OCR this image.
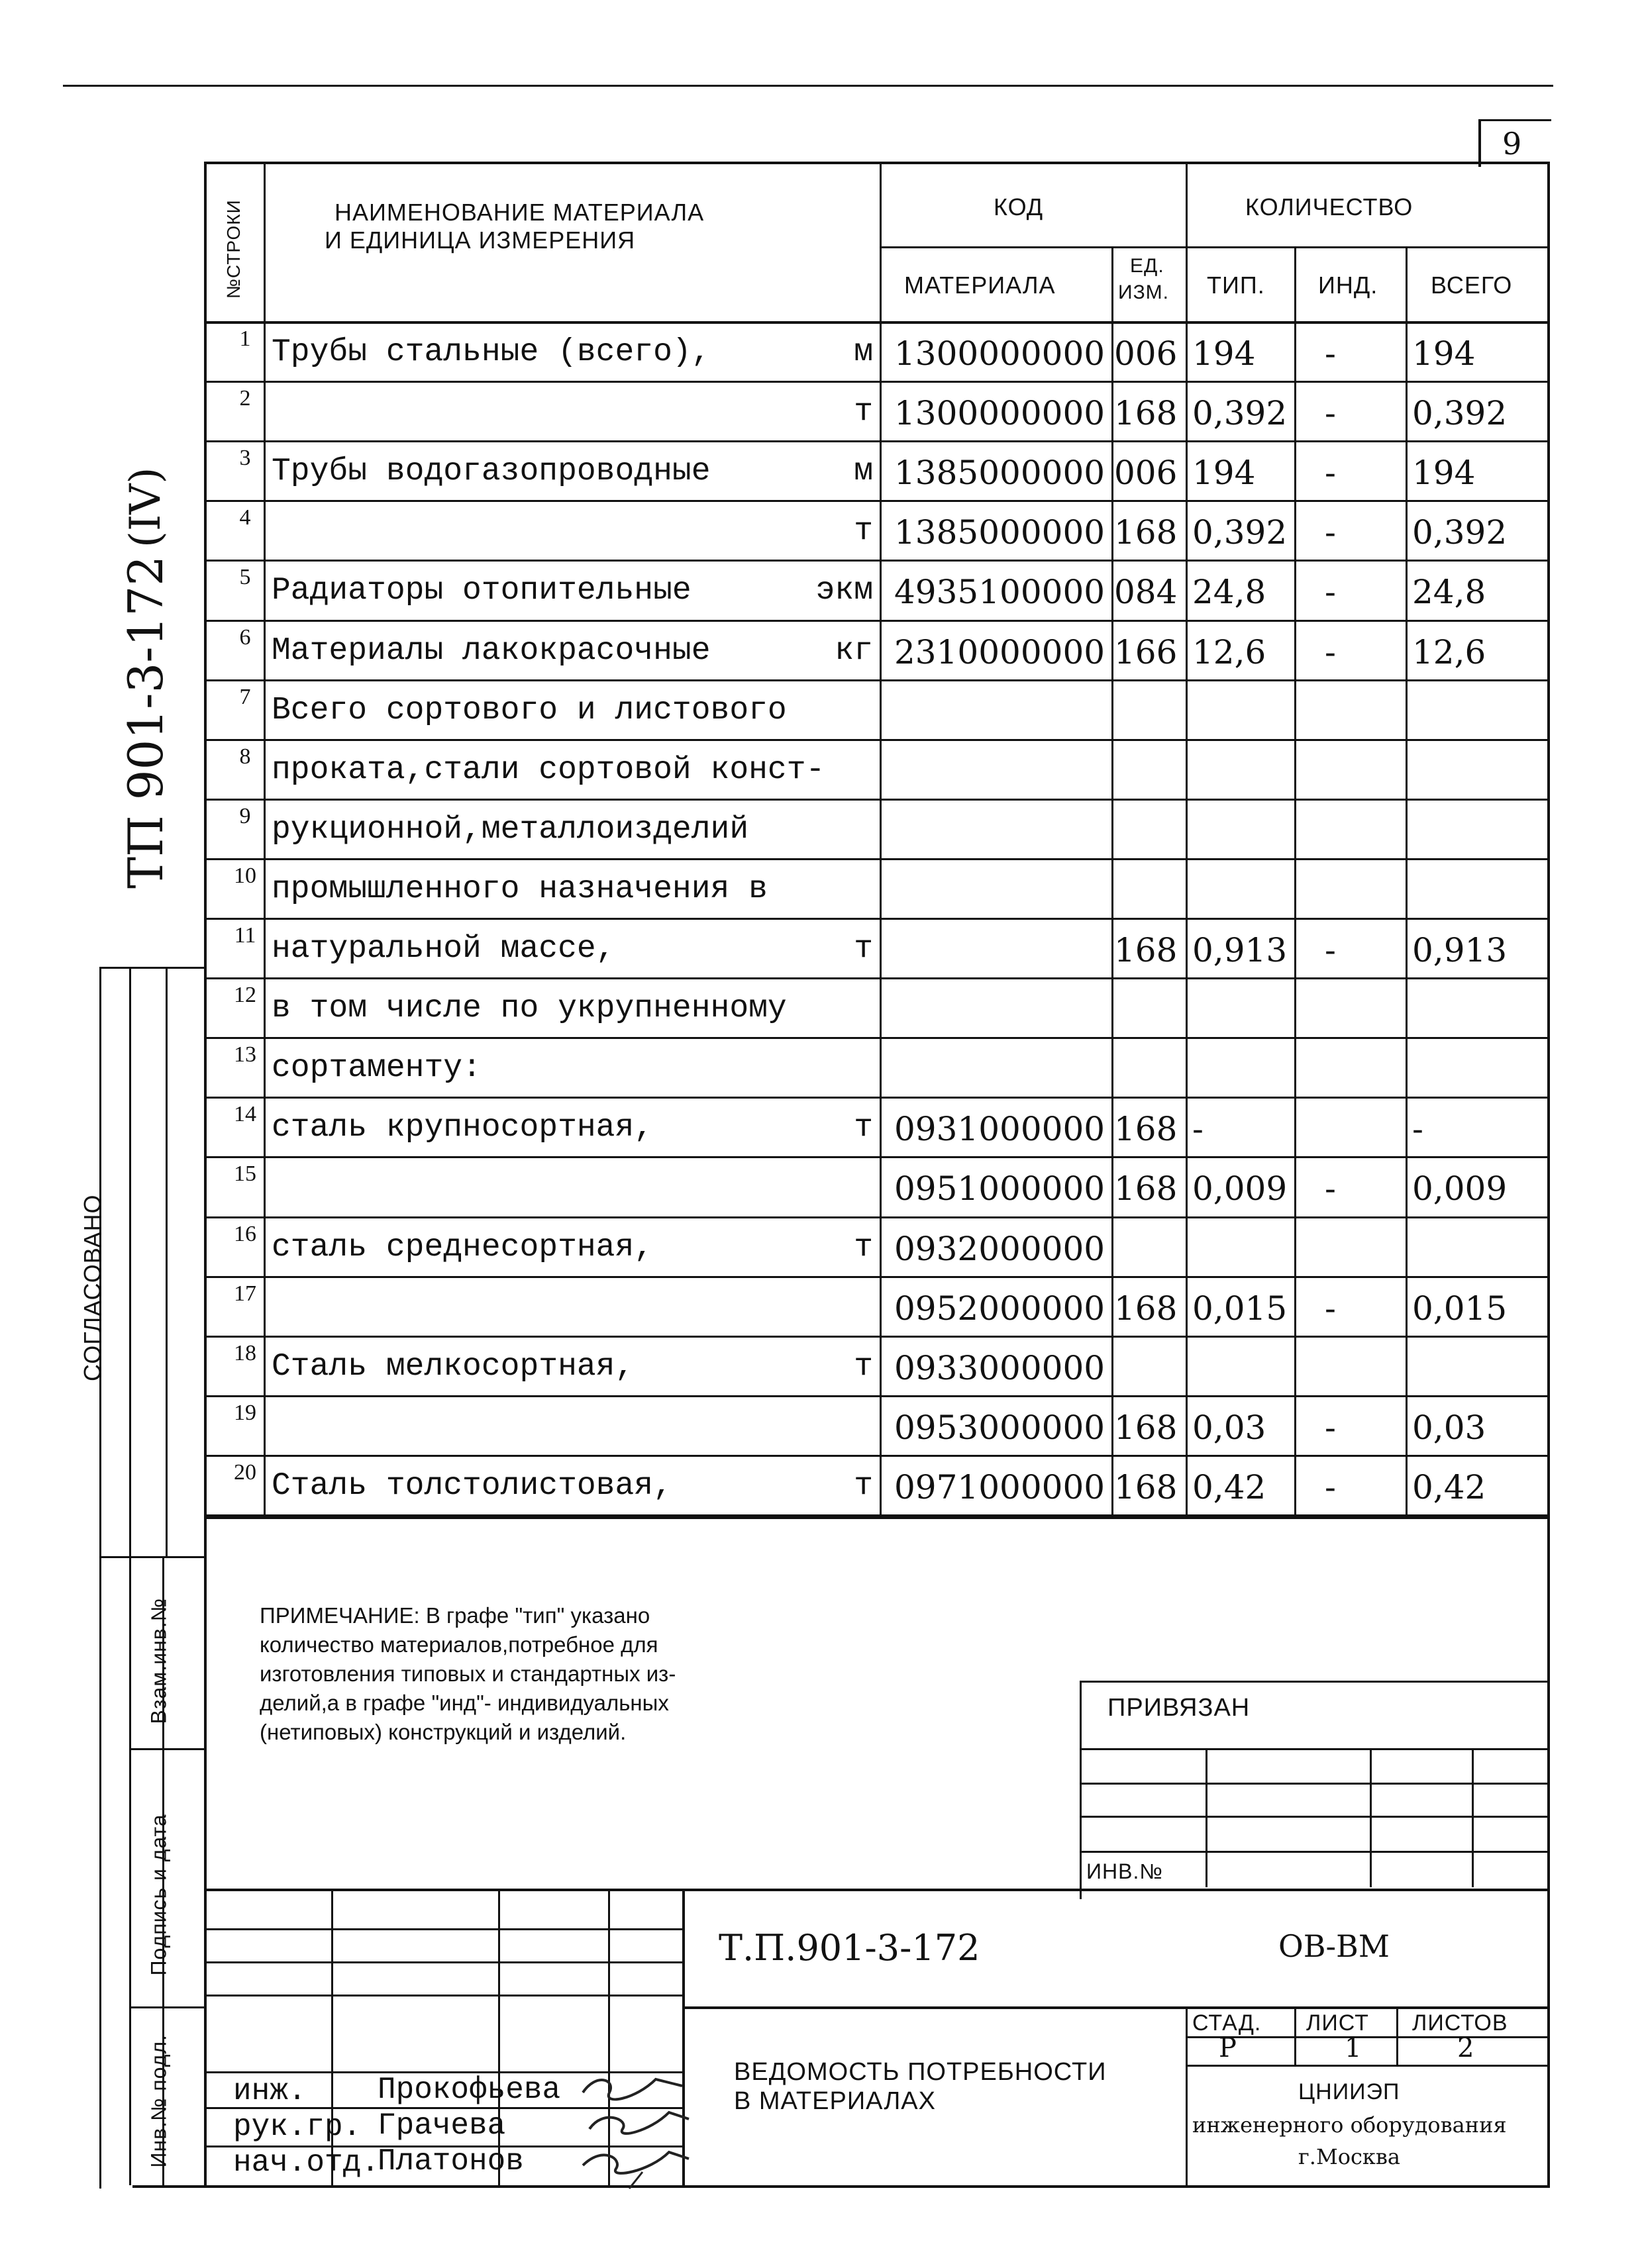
9
СОГЛАСОВАНО
Взам.инв.№
Подпись и дата
Инв.№ подл.
ТП 901-3-172
(IV)
№СТРОКИ	НАИМЕНОВАНИЕ МАТЕРИАЛА
И ЕДИНИЦА ИЗМЕРЕНИЯ
КОД	КОЛИЧЕСТВО
МАТЕРИАЛА
ЕД.
ИЗМ. ТИП. ИНД. ВСЕГО
1 Трубы стальные (всего),	м 1300000000 006 194 - 194
2	т 1300000000 168 0,392 - 0,392
3 Трубы водогазопроводные	м 1385000000 006 194 - 194
4	т 1385000000 168 0,392 - 0,392
5 Радиаторы отопительные	экм 4935100000 084 24,8 - 24,8
6 Материалы лакокрасочные	кг 2310000000 166 12,6 - 12,6
7 Всего сортового и листового
8 проката,стали сортовой конст-
9 рукционной,металлоизделий
10 промышленного назначения в
11 натуральной массе,	т	168 0,913 - 0,913
12 в том числе по укрупненному
13 сортаменту:
14 сталь крупносортная,	т 0931000000 168 -	-
15	0951000000 168 0,009 - 0,009
16 сталь среднесортная,	т 0932000000
17	0952000000 168 0,015 - 0,015
18 Сталь мелкосортная,	т 0933000000
19	0953000000 168 0,03 - 0,03
20 Сталь толстолистовая,	т 0971000000 168 0,42 - 0,42
ПРИМЕЧАНИЕ: В графе "тип" указано
количество материалов,потребное для
изготовления типовых и стандартных из-
делий,а в графе "инд"- индивидуальных
(нетиповых) конструкций и изделий.
ПРИВЯЗАН
ИНВ.№
Т.П.901-3-172	ОВ-ВМ
ВЕДОМОСТЬ ПОТРЕБНОСТИ
В МАТЕРИАЛАХ
СТАД. ЛИСТ ЛИСТОВ
Р	1	2
ЦНИИЭП
инженерного оборудования
г.Москва
инж. Прокофьева
рук.гр. Грачева
нач.отд.
Платонов
